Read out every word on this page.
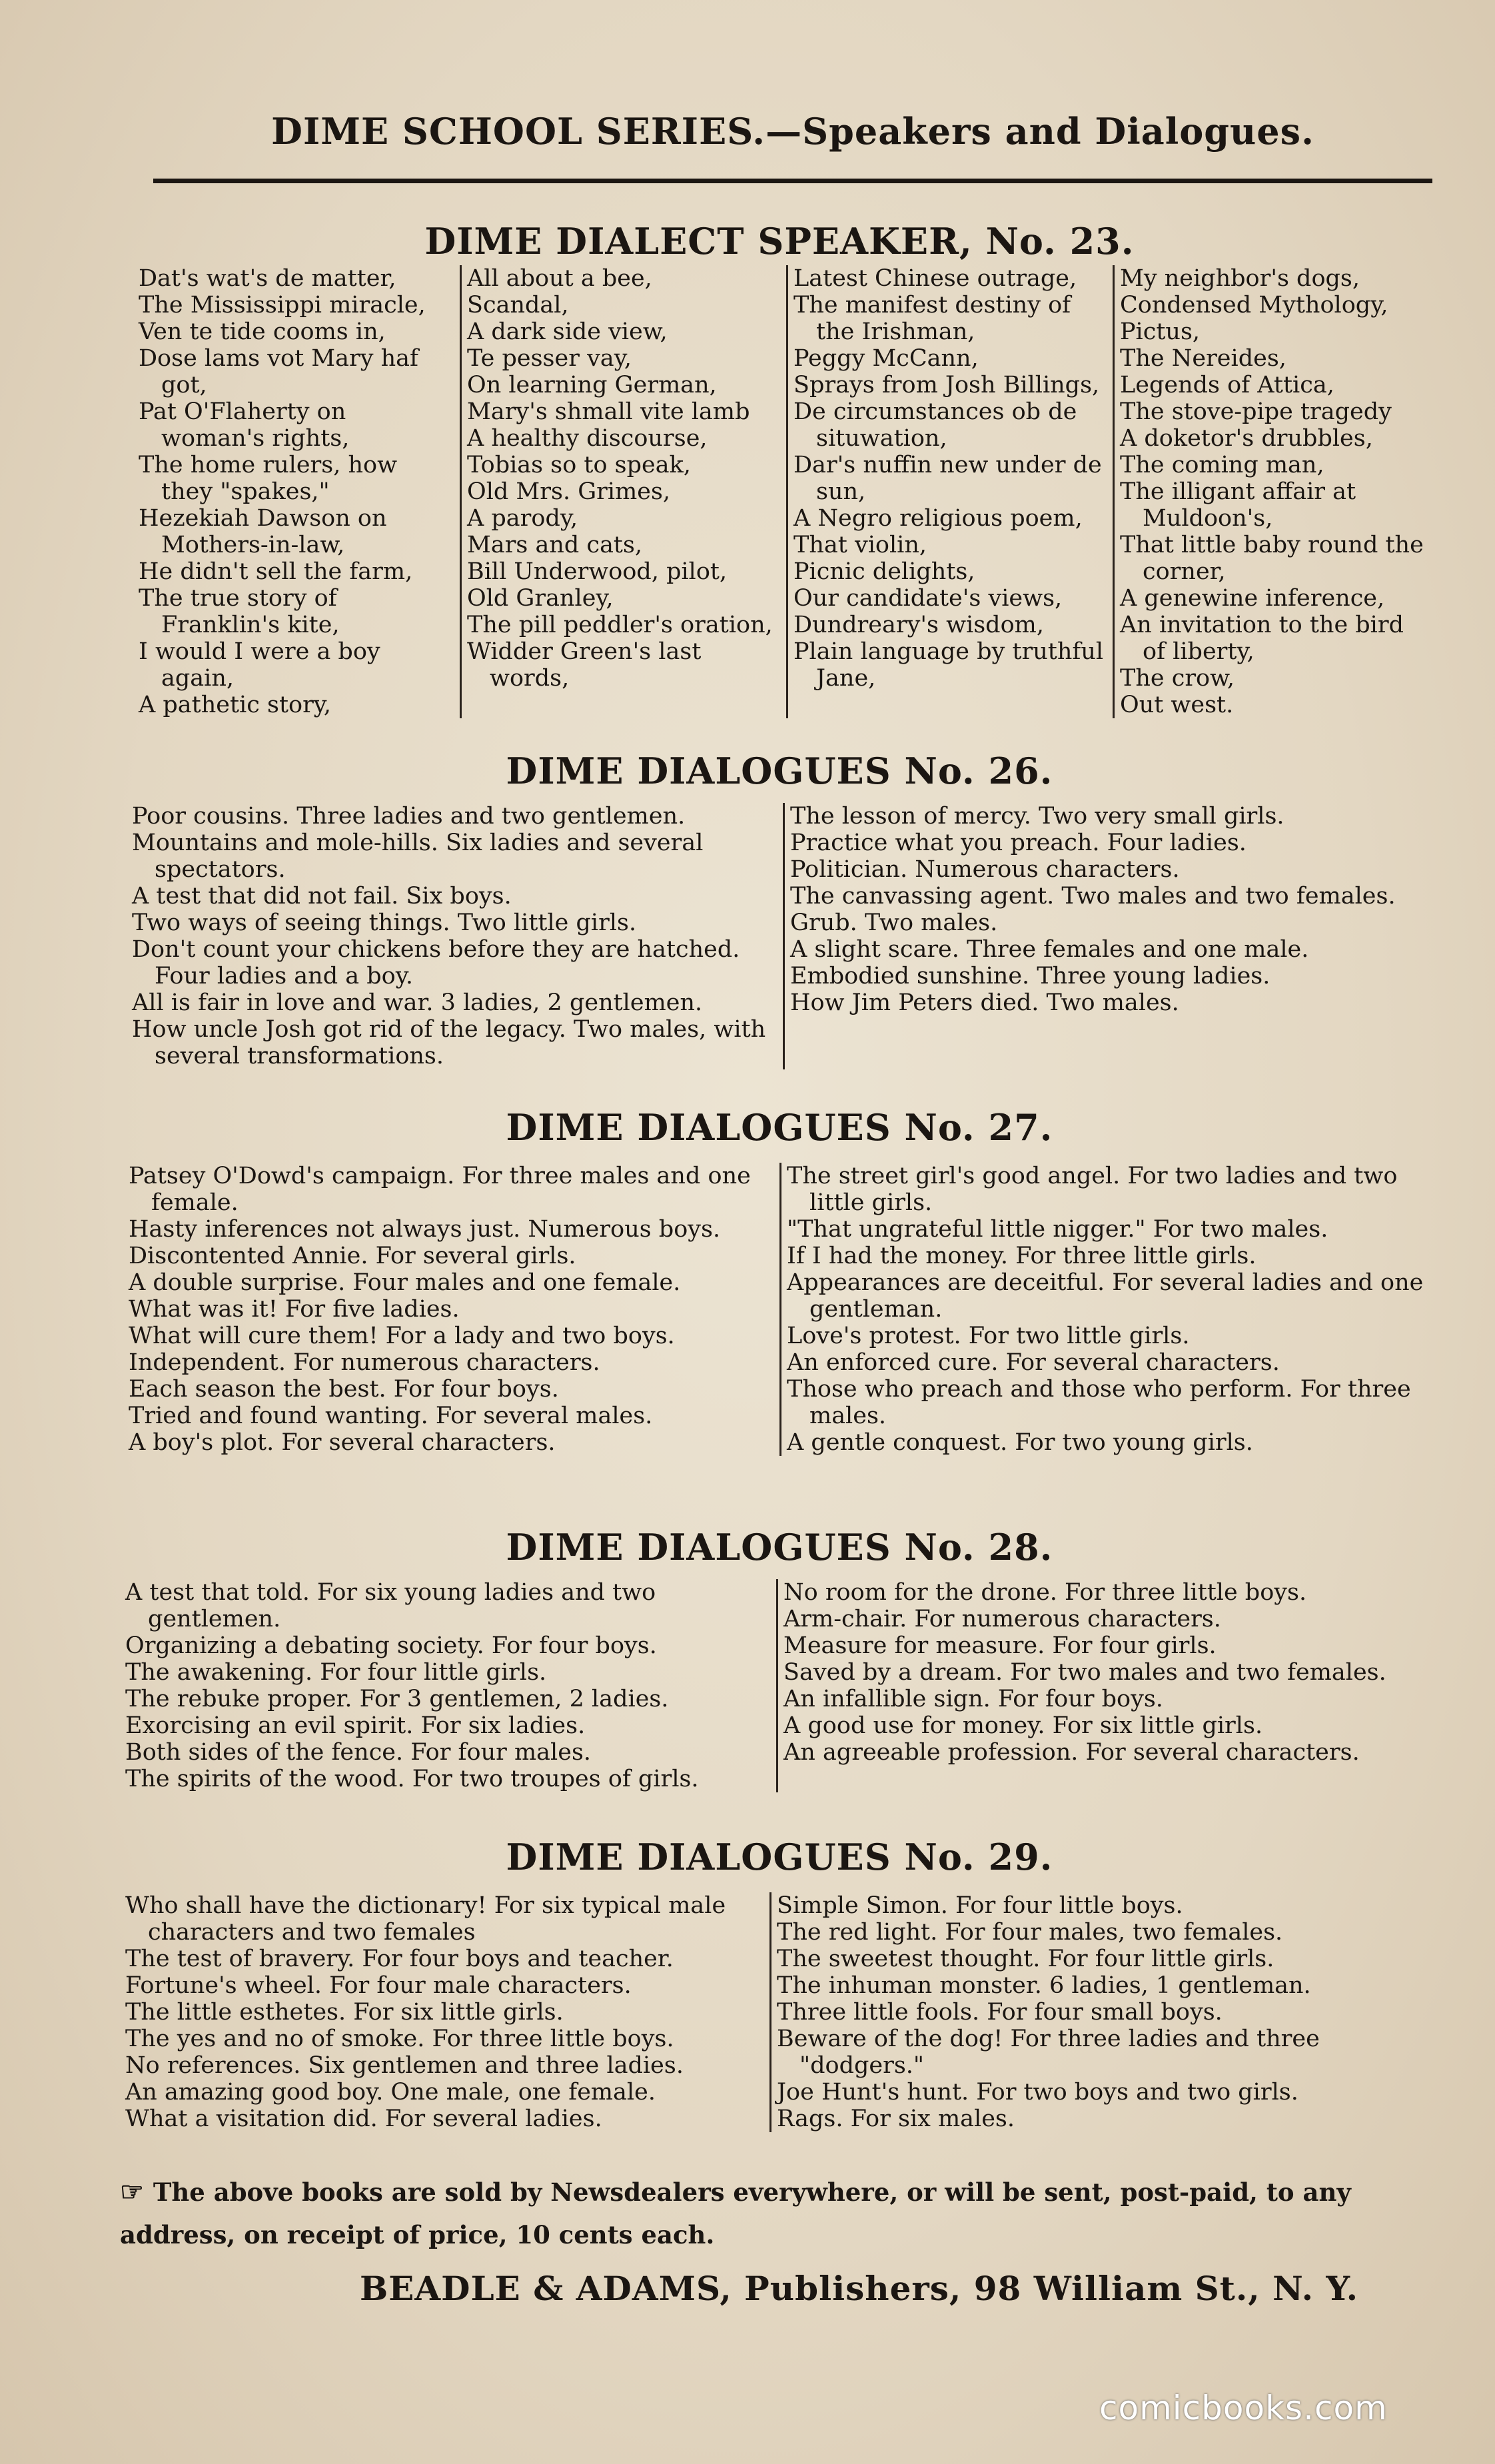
DIME SCHOOL SERIES.—Speakers and Dialogues.
DIME DIALECT SPEAKER, No. 23.
Dat's wat's de matter,
The Mississippi miracle,
Ven te tide cooms in,
Dose lams vot Mary haf got,
Pat O'Flaherty on woman's rights,
The home rulers, how they "spakes,"
Hezekiah Dawson on Mothers-in-law,
He didn't sell the farm,
The true story of Franklin's kite,
I would I were a boy again,
A pathetic story,
All about a bee,
Scandal,
A dark side view,
Te pesser vay,
On learning German,
Mary's shmall vite lamb
A healthy discourse,
Tobias so to speak,
Old Mrs. Grimes,
A parody,
Mars and cats,
Bill Underwood, pilot,
Old Granley,
The pill peddler's oration,
Widder Green's last words,
Latest Chinese outrage,
The manifest destiny of the Irishman,
Peggy McCann,
Sprays from Josh Billings,
De circumstances ob de situwation,
Dar's nuffin new under de sun,
A Negro religious poem,
That violin,
Picnic delights,
Our candidate's views,
Dundreary's wisdom,
Plain language by truthful Jane,
My neighbor's dogs,
Condensed Mythology,
Pictus,
The Nereides,
Legends of Attica,
The stove-pipe tragedy
A doketor's drubbles,
The coming man,
The illigant affair at Muldoon's,
That little baby round the corner,
A genewine inference,
An invitation to the bird of liberty,
The crow,
Out west.
DIME DIALOGUES No. 26.
Poor cousins. Three ladies and two gentlemen.
Mountains and mole-hills. Six ladies and several spectators.
A test that did not fail. Six boys.
Two ways of seeing things. Two little girls.
Don't count your chickens before they are hatched. Four ladies and a boy.
All is fair in love and war. 3 ladies, 2 gentlemen.
How uncle Josh got rid of the legacy. Two males, with several transformations.
The lesson of mercy. Two very small girls.
Practice what you preach. Four ladies.
Politician. Numerous characters.
The canvassing agent. Two males and two females.
Grub. Two males.
A slight scare. Three females and one male.
Embodied sunshine. Three young ladies.
How Jim Peters died. Two males.
DIME DIALOGUES No. 27.
Patsey O'Dowd's campaign. For three males and one female.
Hasty inferences not always just. Numerous boys.
Discontented Annie. For several girls.
A double surprise. Four males and one female.
What was it! For five ladies.
What will cure them! For a lady and two boys.
Independent. For numerous characters.
Each season the best. For four boys.
Tried and found wanting. For several males.
A boy's plot. For several characters.
The street girl's good angel. For two ladies and two little girls.
"That ungrateful little nigger." For two males.
If I had the money. For three little girls.
Appearances are deceitful. For several ladies and one gentleman.
Love's protest. For two little girls.
An enforced cure. For several characters.
Those who preach and those who perform. For three males.
A gentle conquest. For two young girls.
DIME DIALOGUES No. 28.
A test that told. For six young ladies and two gentlemen.
Organizing a debating society. For four boys.
The awakening. For four little girls.
The rebuke proper. For 3 gentlemen, 2 ladies.
Exorcising an evil spirit. For six ladies.
Both sides of the fence. For four males.
The spirits of the wood. For two troupes of girls.
No room for the drone. For three little boys.
Arm-chair. For numerous characters.
Measure for measure. For four girls.
Saved by a dream. For two males and two females.
An infallible sign. For four boys.
A good use for money. For six little girls.
An agreeable profession. For several characters.
DIME DIALOGUES No. 29.
Who shall have the dictionary! For six typical male characters and two females
The test of bravery. For four boys and teacher.
Fortune's wheel. For four male characters.
The little esthetes. For six little girls.
The yes and no of smoke. For three little boys.
No references. Six gentlemen and three ladies.
An amazing good boy. One male, one female.
What a visitation did. For several ladies.
Simple Simon. For four little boys.
The red light. For four males, two females.
The sweetest thought. For four little girls.
The inhuman monster. 6 ladies, 1 gentleman.
Three little fools. For four small boys.
Beware of the dog! For three ladies and three "dodgers."
Joe Hunt's hunt. For two boys and two girls.
Rags. For six males.
☞ The above books are sold by Newsdealers everywhere, or will be sent, post-paid, to any address, on receipt of price, 10 cents each.
BEADLE & ADAMS, Publishers, 98 William St., N. Y.
comicbooks.com
